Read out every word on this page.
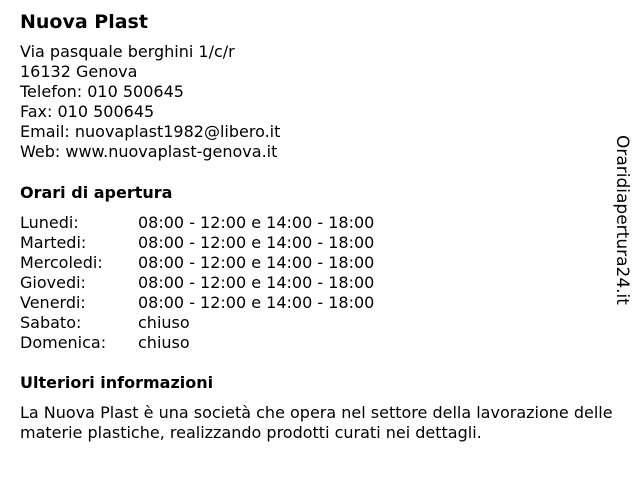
Nuova Plast
Via pasquale berghini 1/c/r
16132 Genova
Telefon: 010 500645
Fax: 010 500645
Email: nuovaplast1982@libero.it
Web: www.nuovaplast-genova.it
Orari di apertura
Lunedi:	08:00 - 12:00 e 14:00 - 18:00
Martedi:	08:00 - 12:00 e 14:00 - 18:00
Mercoledi:	08:00 - 12:00 e 14:00 - 18:00
Giovedi:	08:00 - 12:00 e 14:00 - 18:00
Venerdi:	08:00 - 12:00 e 14:00 - 18:00
Sabato:	chiuso
Domenica:	chiuso
Ulteriori informazioni
La Nuova Plast è una società che opera nel settore della lavorazione delle materie plastiche, realizzando prodotti curati nei dettagli.
Oraridiapertura24.it
